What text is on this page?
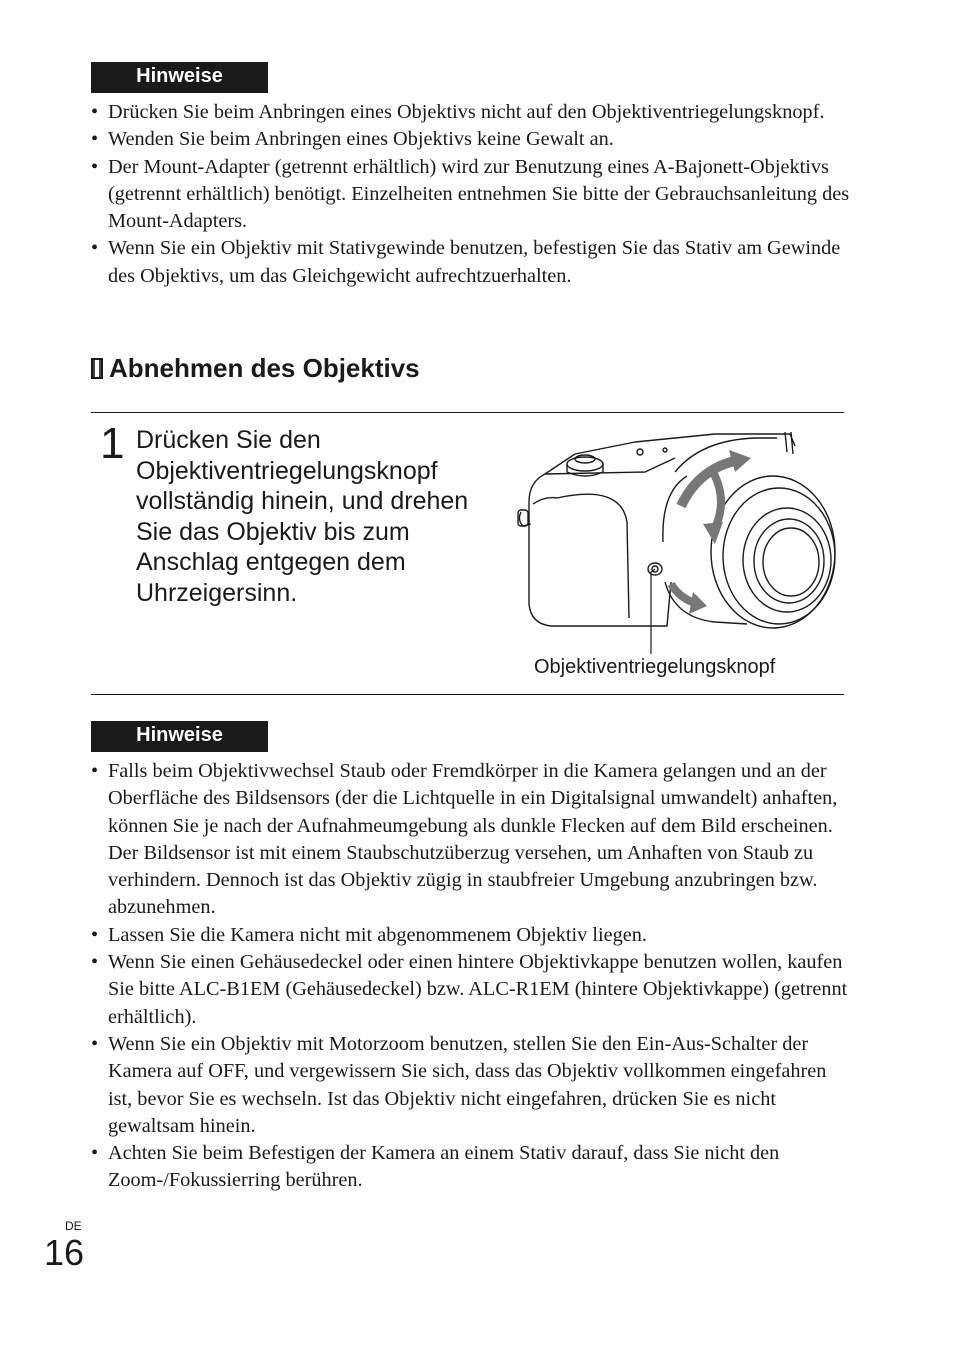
Hinweise
• Drücken Sie beim Anbringen eines Objektivs nicht auf den Objektiventriegelungsknopf.
• Wenden Sie beim Anbringen eines Objektivs keine Gewalt an.
• Der Mount-Adapter (getrennt erhältlich) wird zur Benutzung eines A-Bajonett-Objektivs (getrennt erhältlich) benötigt. Einzelheiten entnehmen Sie bitte der Gebrauchsanleitung des Mount-Adapters.
• Wenn Sie ein Objektiv mit Stativgewinde benutzen, befestigen Sie das Stativ am Gewinde des Objektivs, um das Gleichgewicht aufrechtzuerhalten.
Abnehmen des Objektivs
1 Drücken Sie den Objektiventriegelungsknopf vollständig hinein, und drehen Sie das Objektiv bis zum Anschlag entgegen dem Uhrzeigersinn.

Objektiventriegelungsknopf
Hinweise
• Falls beim Objektivwechsel Staub oder Fremdkörper in die Kamera gelangen und an der Oberfläche des Bildsensors (der die Lichtquelle in ein Digitalsignal umwandelt) anhaften, können Sie je nach der Aufnahmeumgebung als dunkle Flecken auf dem Bild erscheinen. Der Bildsensor ist mit einem Staubschutzüberzug versehen, um Anhaften von Staub zu verhindern. Dennoch ist das Objektiv zügig in staubfreier Umgebung anzubringen bzw. abzunehmen.
• Lassen Sie die Kamera nicht mit abgenommenem Objektiv liegen.
• Wenn Sie einen Gehäusedeckel oder einen hintere Objektivkappe benutzen wollen, kaufen Sie bitte ALC-B1EM (Gehäusedeckel) bzw. ALC-R1EM (hintere Objektivkappe) (getrennt erhältlich).
• Wenn Sie ein Objektiv mit Motorzoom benutzen, stellen Sie den Ein-Aus-Schalter der Kamera auf OFF, und vergewissern Sie sich, dass das Objektiv vollkommen eingefahren ist, bevor Sie es wechseln. Ist das Objektiv nicht eingefahren, drücken Sie es nicht gewaltsam hinein.
• Achten Sie beim Befestigen der Kamera an einem Stativ darauf, dass Sie nicht den Zoom-/Fokussierring berühren.
DE
16
